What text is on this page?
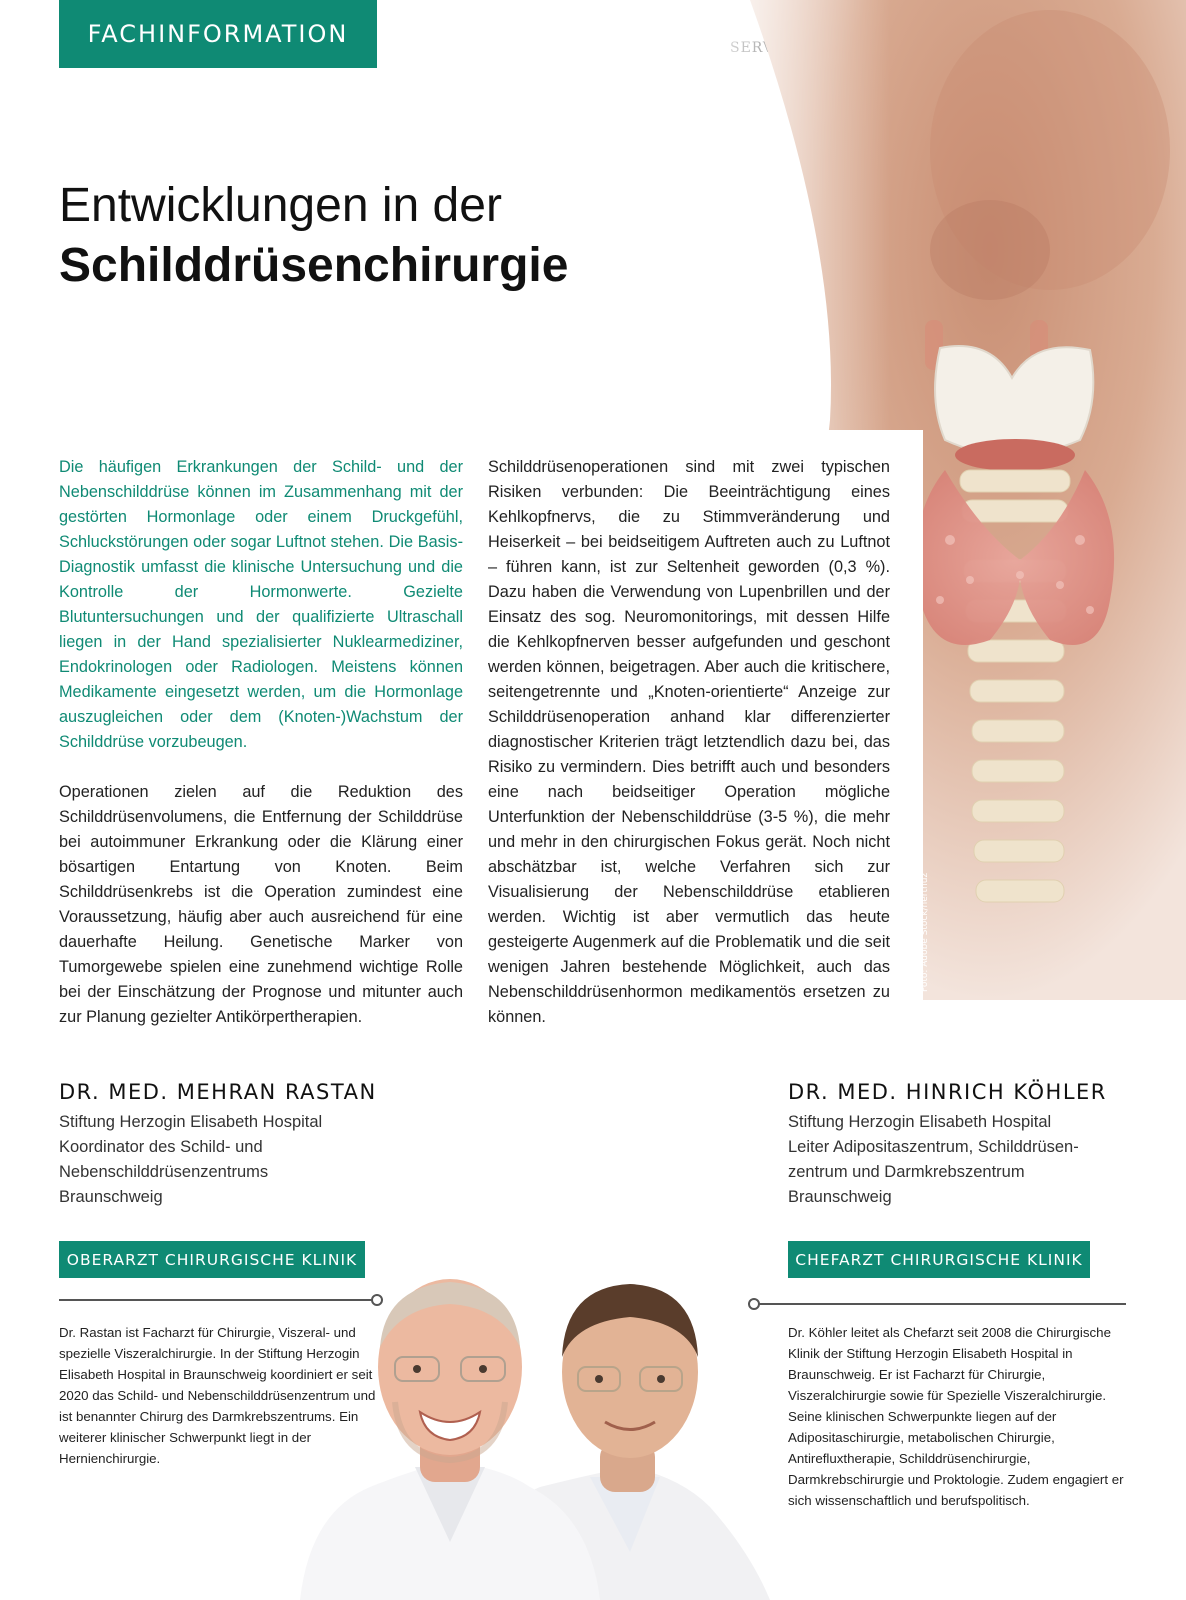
FACHINFORMATION
Foto: Adobe Stock/nerthuz
Entwicklungen in der
Schilddrüsenchirurgie
Die häufigen Erkrankungen der Schild- und der Nebenschilddrüse können im Zusammenhang mit der gestörten Hormonlage oder einem Druckgefühl, Schluckstörungen oder sogar Luftnot stehen. Die Basis-Diagnostik umfasst die klinische Untersuchung und die Kontrolle der Hormonwerte. Gezielte Blutuntersuchungen und der qualifizierte Ultraschall liegen in der Hand spezialisierter Nuklearmediziner, Endokrinologen oder Radiologen. Meistens können Medikamente eingesetzt werden, um die Hormonlage auszugleichen oder dem (Knoten-)Wachstum der Schilddrüse vorzubeugen.
Operationen zielen auf die Reduktion des Schilddrüsenvolumens, die Entfernung der Schilddrüse bei autoimmuner Erkrankung oder die Klärung einer bösartigen Entartung von Knoten. Beim Schilddrüsenkrebs ist die Operation zumindest eine Voraussetzung, häufig aber auch ausreichend für eine dauerhafte Heilung. Genetische Marker von Tumorgewebe spielen eine zunehmend wichtige Rolle bei der Einschätzung der Prognose und mitunter auch zur Planung gezielter Antikörpertherapien.
Schilddrüsenoperationen sind mit zwei typischen Risiken verbunden: Die Beeinträchtigung eines Kehlkopfnervs, die zu Stimmveränderung und Heiserkeit – bei beidseitigem Auftreten auch zu Luftnot – führen kann, ist zur Seltenheit geworden (0,3 %). Dazu haben die Verwendung von Lupenbrillen und der Einsatz des sog. Neuromonitorings, mit dessen Hilfe die Kehlkopfnerven besser aufgefunden und geschont werden können, beigetragen. Aber auch die kritischere, seitengetrennte und „Knoten-orientierte“ Anzeige zur Schilddrüsenoperation anhand klar differenzierter diagnostischer Kriterien trägt letztendlich dazu bei, das Risiko zu vermindern. Dies betrifft auch und besonders eine nach beidseitiger Operation mögliche Unterfunktion der Nebenschilddrüse (3-5 %), die mehr und mehr in den chirurgischen Fokus gerät. Noch nicht abschätzbar ist, welche Verfahren sich zur Visualisierung der Nebenschilddrüse etablieren werden. Wichtig ist aber vermutlich das heute gesteigerte Augenmerk auf die Problematik und die seit wenigen Jahren bestehende Möglichkeit, auch das Nebenschilddrüsenhormon medikamentös ersetzen zu können.
DR. MED. MEHRAN RASTAN
Stiftung Herzogin Elisabeth Hospital
Koordinator des Schild- und
Nebenschilddrüsenzentrums
Braunschweig
OBERARZT CHIRURGISCHE KLINIK
Dr. Rastan ist Facharzt für Chirurgie, Viszeral- und spezielle Viszeralchirurgie. In der Stiftung Herzogin Elisabeth Hospital in Braunschweig koordiniert er seit 2020 das Schild- und Nebenschilddrüsenzentrum und ist benannter Chirurg des Darmkrebszentrums. Ein weiterer klinischer Schwerpunkt liegt in der Hernienchirurgie.
DR. MED. HINRICH KÖHLER
Stiftung Herzogin Elisabeth Hospital
Leiter Adipositaszentrum, Schilddrüsen-
zentrum und Darmkrebszentrum
Braunschweig
CHEFARZT CHIRURGISCHE KLINIK
Dr. Köhler leitet als Chefarzt seit 2008 die Chirurgische Klinik der Stiftung Herzogin Elisabeth Hospital in Braunschweig. Er ist Facharzt für Chirurgie, Viszeralchirurgie sowie für Spezielle Viszeralchirurgie. Seine klinischen Schwerpunkte liegen auf der Adipositaschirurgie, metabolischen Chirurgie, Antirefluxtherapie, Schilddrüsenchirurgie, Darmkrebschirurgie und Proktologie. Zudem engagiert er sich wissenschaftlich und berufspolitisch.
